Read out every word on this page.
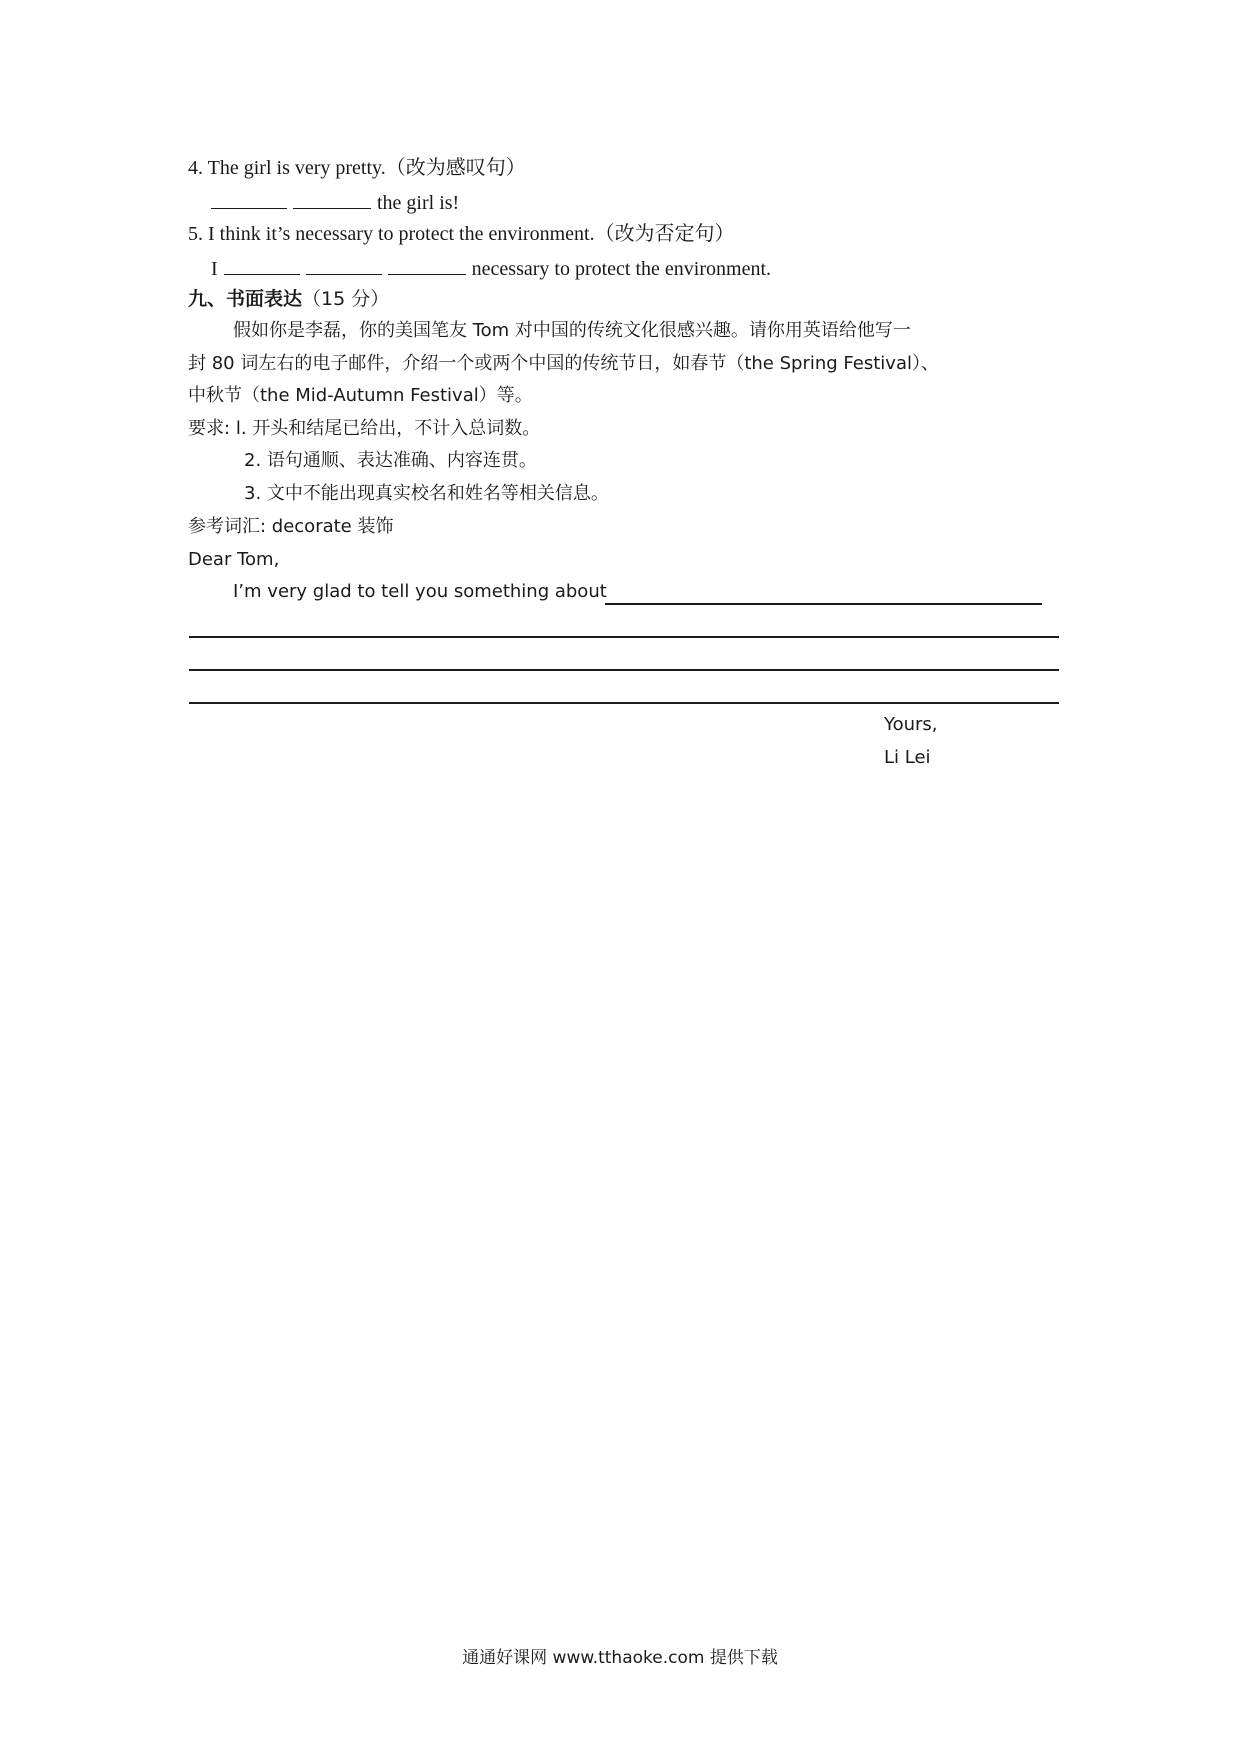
4. The girl is very pretty.（改为感叹句）
the girl is!
5. I think it’s necessary to protect the environment.（改为否定句）
I	necessary to protect the environment.
九、书面表达（15 分）
假如你是李磊，你的美国笔友 Tom 对中国的传统文化很感兴趣。请你用英语给他写一
封 80 词左右的电子邮件，介绍一个或两个中国的传统节日，如春节（the Spring Festival）、
中秋节（the Mid-Autumn Festival）等。
要求: l. 开头和结尾已给出，不计入总词数。
2. 语句通顺、表达准确、内容连贯。
3. 文中不能出现真实校名和姓名等相关信息。
参考词汇: decorate 装饰
Dear Tom,
I’m very glad to tell you something about
Yours,
Li Lei
通通好课网 www.tthaoke.com 提供下载
